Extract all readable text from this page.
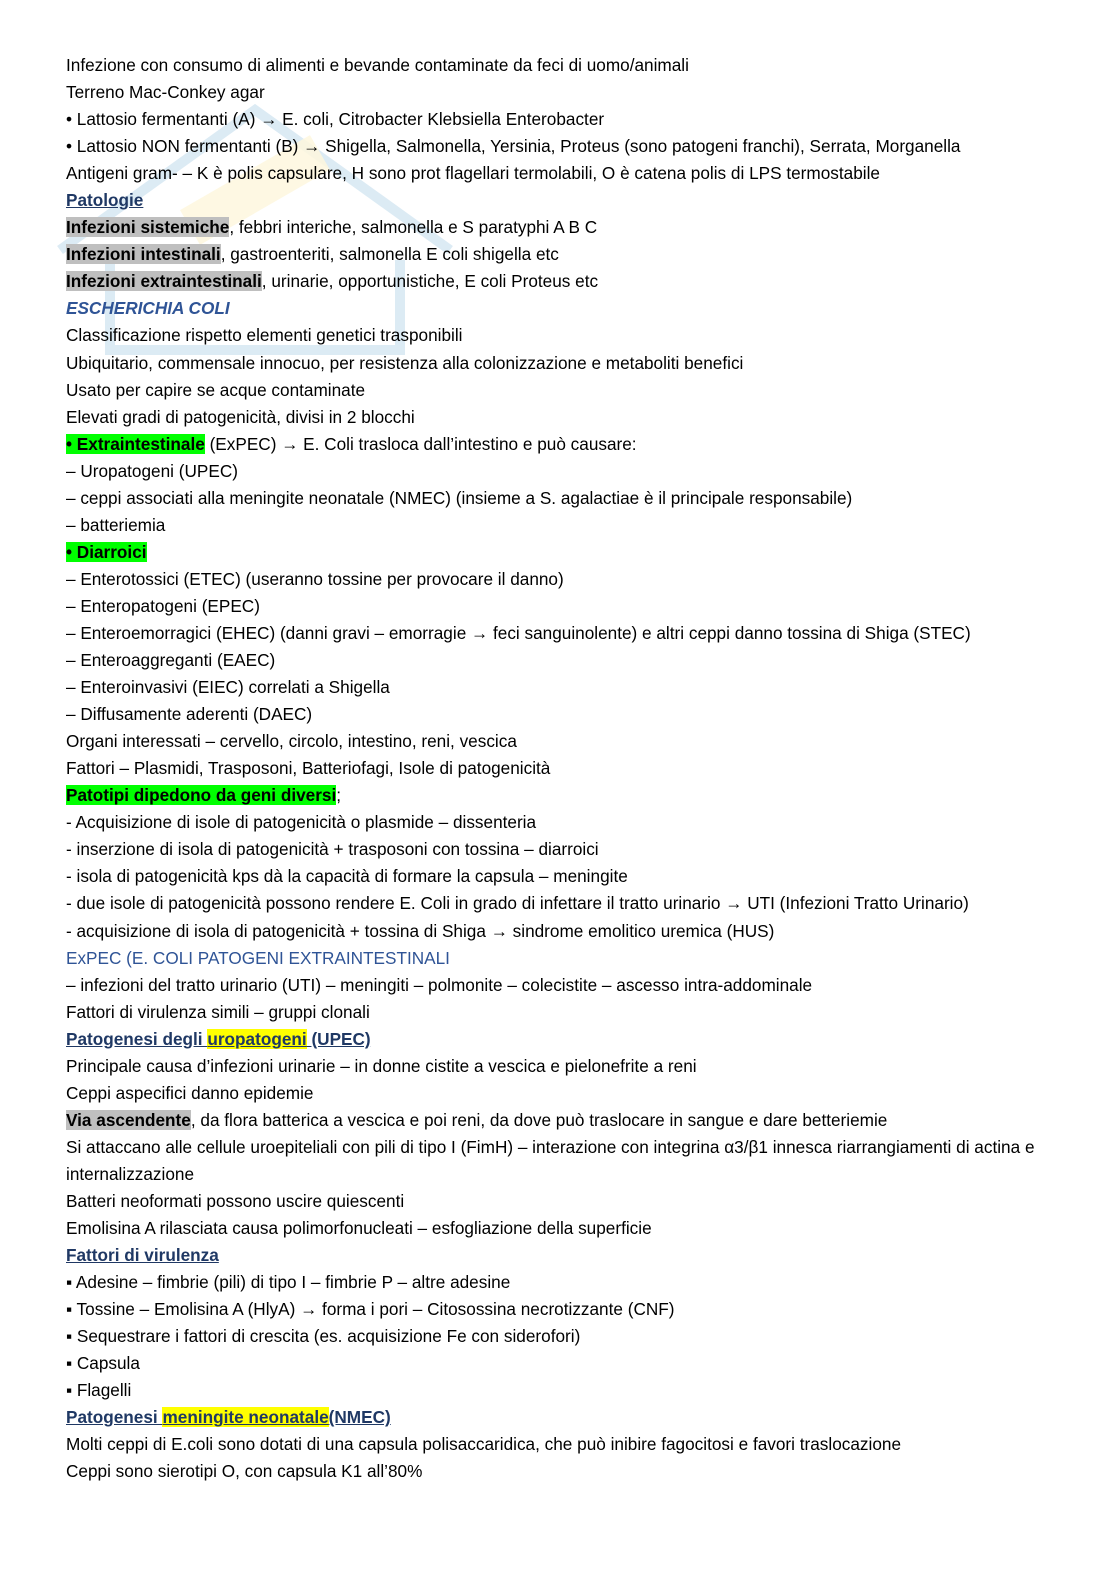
Infezione con consumo di alimenti e bevande contaminate da feci di uomo/animali
Terreno Mac-Conkey agar
• Lattosio fermentanti (A) → E. coli, Citrobacter Klebsiella Enterobacter
• Lattosio NON fermentanti (B) → Shigella, Salmonella, Yersinia, Proteus (sono patogeni franchi), Serrata, Morganella
Antigeni gram- – K è polis capsulare, H sono prot flagellari termolabili, O è catena polis di LPS termostabile
Patologie
Infezioni sistemiche, febbri interiche, salmonella e S paratyphi A B C
Infezioni intestinali, gastroenteriti, salmonella E coli shigella etc
Infezioni extraintestinali, urinarie, opportunistiche, E coli Proteus etc
ESCHERICHIA COLI
Classificazione rispetto elementi genetici trasponibili
Ubiquitario, commensale innocuo, per resistenza alla colonizzazione e metaboliti benefici
Usato per capire se acque contaminate
Elevati gradi di patogenicità, divisi in 2 blocchi
• Extraintestinale (ExPEC) → E. Coli trasloca dall’intestino e può causare:
– Uropatogeni (UPEC)
– ceppi associati alla meningite neonatale (NMEC) (insieme a S. agalactiae è il principale responsabile)
– batteriemia
• Diarroici
– Enterotossici (ETEC) (useranno tossine per provocare il danno)
– Enteropatogeni (EPEC)
– Enteroemorragici (EHEC) (danni gravi – emorragie → feci sanguinolente) e altri ceppi danno tossina di Shiga (STEC)
– Enteroaggreganti (EAEC)
– Enteroinvasivi (EIEC) correlati a Shigella
– Diffusamente aderenti (DAEC)
Organi interessati – cervello, circolo, intestino, reni, vescica
Fattori – Plasmidi, Trasposoni, Batteriofagi, Isole di patogenicità
Patotipi dipedono da geni diversi;
- Acquisizione di isole di patogenicità o plasmide – dissenteria
- inserzione di isola di patogenicità + trasposoni con tossina – diarroici
- isola di patogenicità kps dà la capacità di formare la capsula – meningite
- due isole di patogenicità possono rendere E. Coli in grado di infettare il tratto urinario → UTI (Infezioni Tratto Urinario)
- acquisizione di isola di patogenicità + tossina di Shiga → sindrome emolitico uremica (HUS)
ExPEC (E. COLI PATOGENI EXTRAINTESTINALI
– infezioni del tratto urinario (UTI) – meningiti – polmonite – colecistite – ascesso intra-addominale
Fattori di virulenza simili – gruppi clonali
Patogenesi degli uropatogeni (UPEC)
Principale causa d’infezioni urinarie – in donne cistite a vescica e pielonefrite a reni
Ceppi aspecifici danno epidemie
Via ascendente, da flora batterica a vescica e poi reni, da dove può traslocare in sangue e dare betteriemie
Si attaccano alle cellule uroepiteliali con pili di tipo I (FimH) – interazione con integrina α3/β1 innesca riarrangiamenti di actina e internalizzazione
Batteri neoformati possono uscire quiescenti
Emolisina A rilasciata causa polimorfonucleati – esfogliazione della superficie
Fattori di virulenza
▪ Adesine – fimbrie (pili) di tipo I – fimbrie P – altre adesine
▪ Tossine – Emolisina A (HlyA) → forma i pori – Citosossina necrotizzante (CNF)
▪ Sequestrare i fattori di crescita (es. acquisizione Fe con siderofori)
▪ Capsula
▪ Flagelli
Patogenesi meningite neonatale(NMEC)
Molti ceppi di E.coli sono dotati di una capsula polisaccaridica, che può inibire fagocitosi e favori traslocazione
Ceppi sono sierotipi O, con capsula K1 all’80%
